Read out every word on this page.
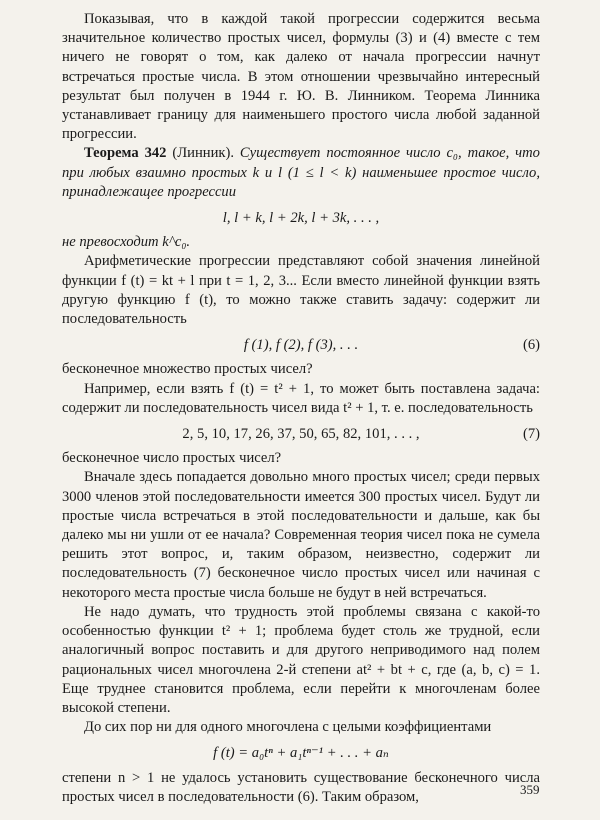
Показывая, что в каждой такой прогрессии содержится весьма значительное количество простых чисел, формулы (3) и (4) вместе с тем ничего не говорят о том, как далеко от начала прогрессии начнут встречаться простые числа. В этом отношении чрезвычайно интересный результат был получен в 1944 г. Ю. В. Линником. Теорема Линника устанавливает границу для наименьшего простого числа любой заданной прогрессии.

Теорема 342 (Линник). Существует постоянное число c₀, такое, что при любых взаимно простых k и l (1 ≤ l < k) наименьшее простое число, принадлежащее прогрессии

l, l + k, l + 2k, l + 3k, . . . ,

не превосходит k^c₀.

Арифметические прогрессии представляют собой значения линейной функции f (t) = kt + l при t = 1, 2, 3... Если вместо линейной функции взять другую функцию f (t), то можно также ставить задачу: содержит ли последовательность

f (1), f (2), f (3), . . .	(6)

бесконечное множество простых чисел?

Например, если взять f (t) = t² + 1, то может быть поставлена задача: содержит ли последовательность чисел вида t² + 1, т. е. последовательность

2, 5, 10, 17, 26, 37, 50, 65, 82, 101, . . . ,	(7)

бесконечное число простых чисел?

Вначале здесь попадается довольно много простых чисел; среди первых 3000 членов этой последовательности имеется 300 простых чисел. Будут ли простые числа встречаться в этой последовательности и дальше, как бы далеко мы ни ушли от ее начала? Современная теория чисел пока не сумела решить этот вопрос, и, таким образом, неизвестно, содержит ли последовательность (7) бесконечное число простых чисел или начиная с некоторого места простые числа больше не будут в ней встречаться.

Не надо думать, что трудность этой проблемы связана с какой-то особенностью функции t² + 1; проблема будет столь же трудной, если аналогичный вопрос поставить и для другого неприводимого над полем рациональных чисел многочлена 2-й степени at² + bt + c, где (a, b, c) = 1. Еще труднее становится проблема, если перейти к многочленам более высокой степени.

До сих пор ни для одного многочлена с целыми коэффициентами

f (t) = a₀tⁿ + a₁tⁿ⁻¹ + . . . + aₙ

степени n > 1 не удалось установить существование бесконечного числа простых чисел в последовательности (6). Таким образом,	359
